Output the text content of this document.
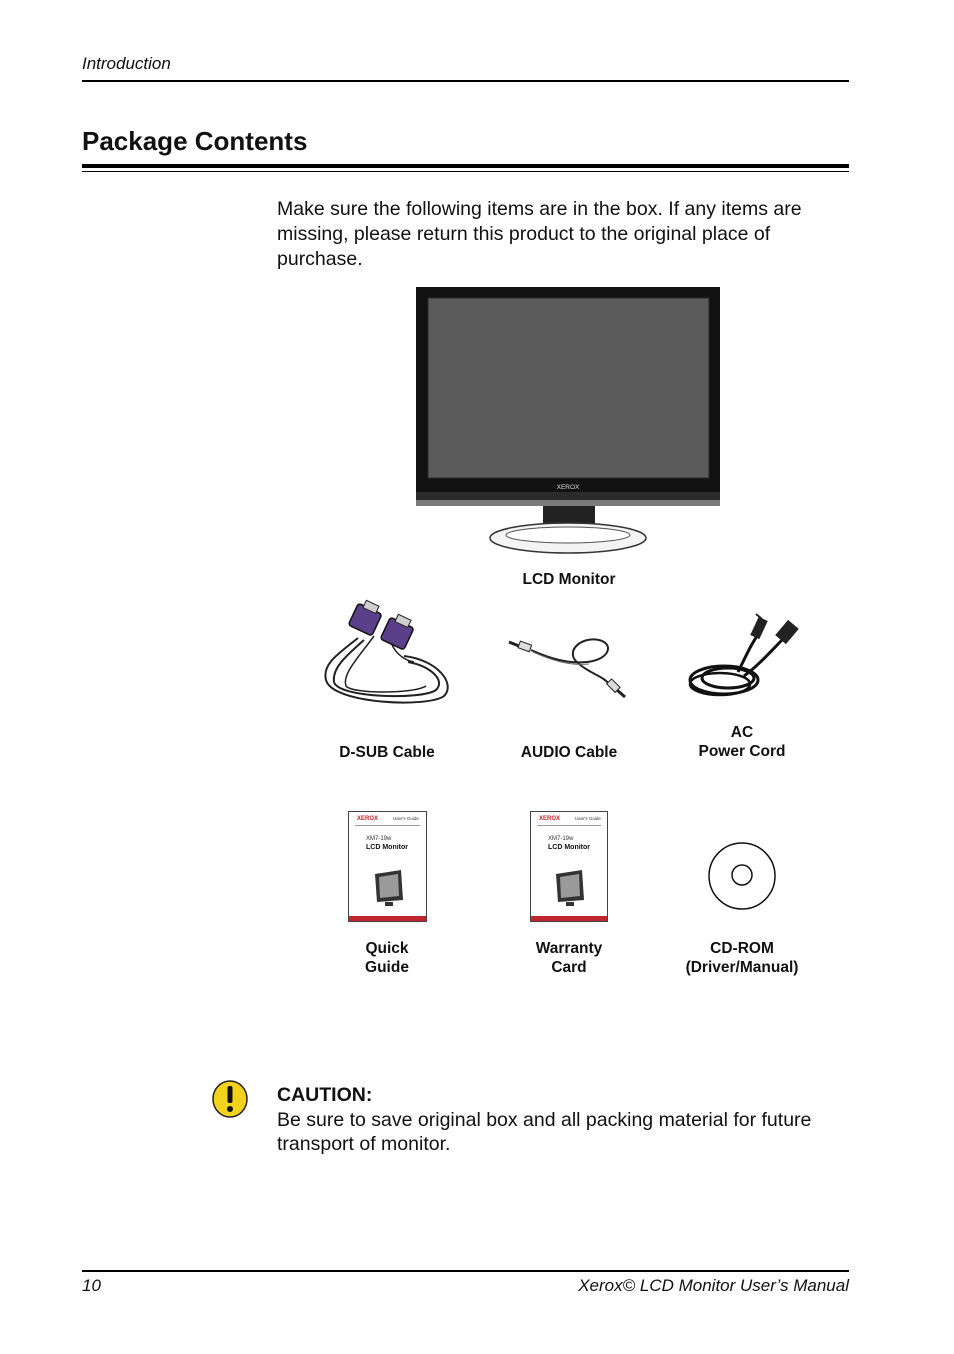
Introduction
Package Contents
Make sure the following items are in the box. If any items are
missing, please return this product to the original place of
purchase.
XEROX
LCD Monitor
D-SUB Cable	AUDIO Cable
AC
Power Cord
XEROX	User's Guide
XM7-19w
LCD Monitor
Quick
Guide
XEROX	User's Guide
XM7-19w
LCD Monitor
Warranty
Card
CD-ROM
(Driver/Manual)
CAUTION:
Be sure to save original box and all packing material for future
transport of monitor.
10	Xerox© LCD Monitor User’s Manual
